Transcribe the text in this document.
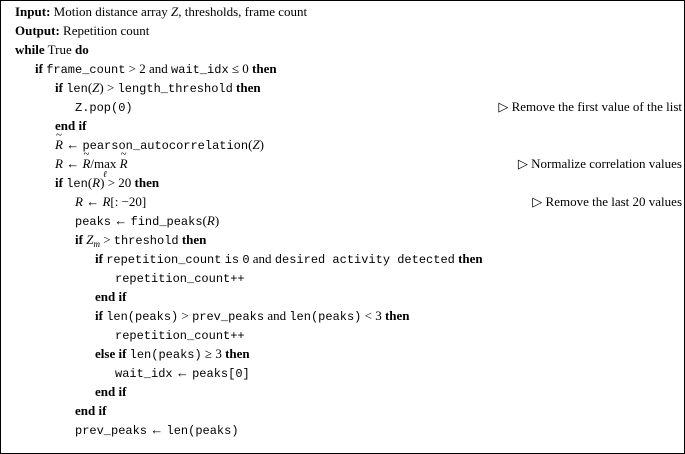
Input: Motion distance array Z, thresholds, frame count
Output: Repetition count
while True do
if frame_count > 2 and wait_idx ≤ 0 then
if len(Z) > length_threshold then
Z.pop(0)	▷ Remove the first value of the list
end if
R ~ ← pearson_autocorrelation(Z)
R ← R ~/max
ℓ
R ~	▷ Normalize correlation values
if len(R) > 20 then
R ← R[: −20]	▷ Remove the last 20 values
peaks ← find_peaks(R)
if $Z_m$ > threshold then
if repetition_count is 0 and desired activity detected then
repetition_count++
end if
if len(peaks) > prev_peaks and len(peaks) < 3 then
repetition_count++
else if len(peaks) ≥ 3 then
wait_idx ← peaks[0]
end if
end if
prev_peaks ← len(peaks)
